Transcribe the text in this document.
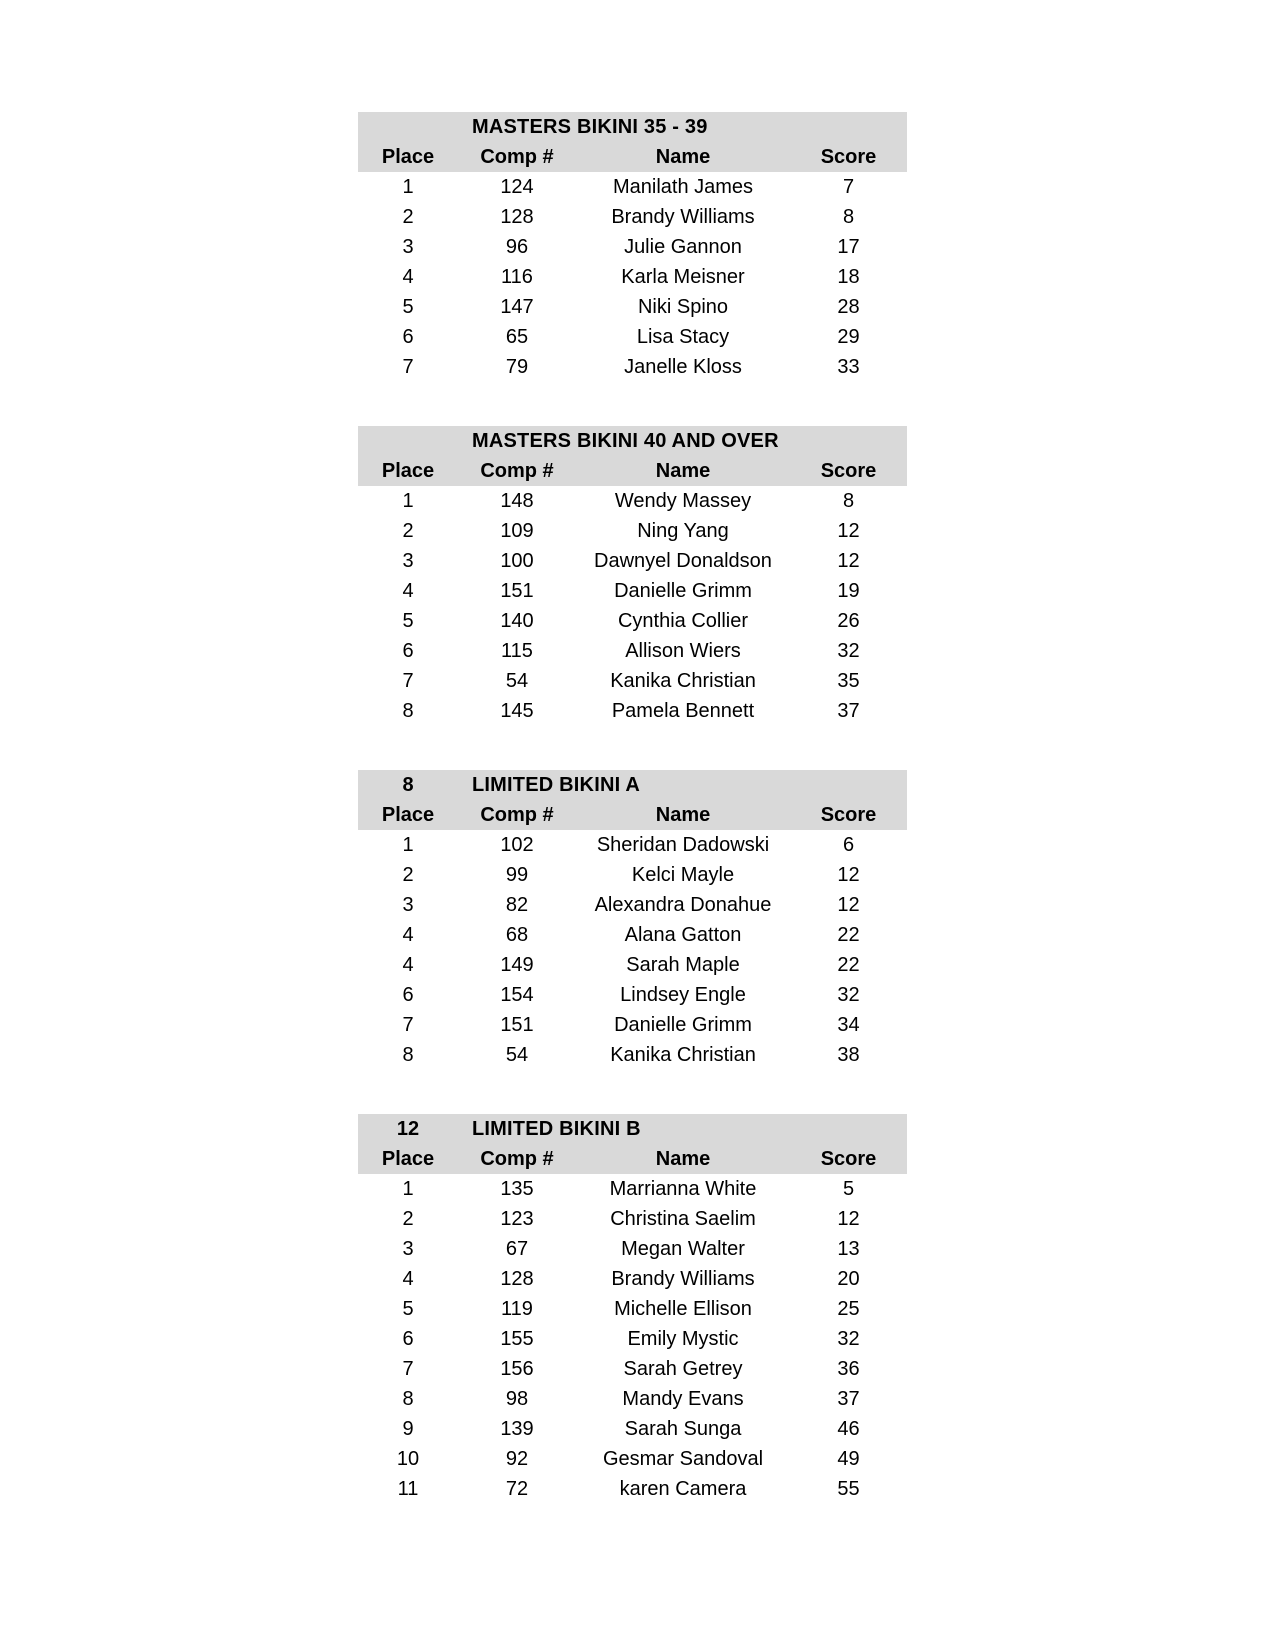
MASTERS BIKINI 35 - 39
Place	Comp #	Name	Score
1	124	Manilath James	7
2	128	Brandy Williams	8
3	96	Julie Gannon	17
4	116	Karla Meisner	18
5	147	Niki Spino	28
6	65	Lisa Stacy	29
7	79	Janelle Kloss	33
MASTERS BIKINI 40 AND OVER
Place	Comp #	Name	Score
1	148	Wendy Massey	8
2	109	Ning Yang	12
3	100	Dawnyel Donaldson	12
4	151	Danielle Grimm	19
5	140	Cynthia Collier	26
6	115	Allison Wiers	32
7	54	Kanika Christian	35
8	145	Pamela Bennett	37
8	LIMITED BIKINI A
Place	Comp #	Name	Score
1	102	Sheridan Dadowski	6
2	99	Kelci Mayle	12
3	82	Alexandra Donahue	12
4	68	Alana Gatton	22
4	149	Sarah Maple	22
6	154	Lindsey Engle	32
7	151	Danielle Grimm	34
8	54	Kanika Christian	38
12	LIMITED BIKINI B
Place	Comp #	Name	Score
1	135	Marrianna White	5
2	123	Christina Saelim	12
3	67	Megan Walter	13
4	128	Brandy Williams	20
5	119	Michelle Ellison	25
6	155	Emily Mystic	32
7	156	Sarah Getrey	36
8	98	Mandy Evans	37
9	139	Sarah Sunga	46
10	92	Gesmar Sandoval	49
11	72	karen Camera	55
